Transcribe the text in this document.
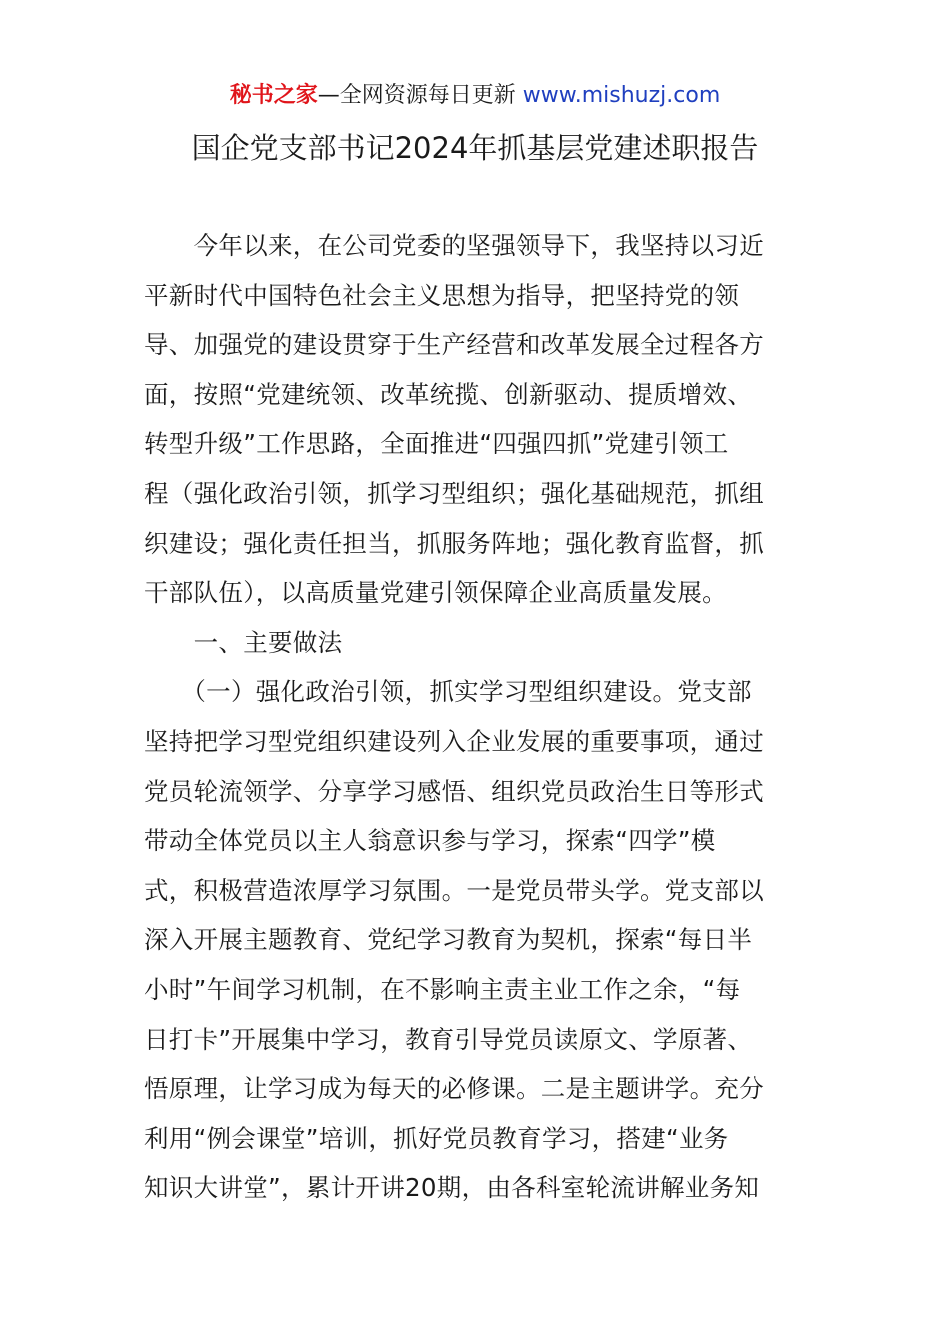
秘书之家—全网资源每日更新 www.mishuzj.com
国企党支部书记2024年抓基层党建述职报告
　　今年以来，在公司党委的坚强领导下，我坚持以习近
平新时代中国特色社会主义思想为指导，把坚持党的领
导、加强党的建设贯穿于生产经营和改革发展全过程各方
面，按照“党建统领、改革统揽、创新驱动、提质增效、
转型升级”工作思路，全面推进“四强四抓”党建引领工
程（强化政治引领，抓学习型组织；强化基础规范，抓组
织建设；强化责任担当，抓服务阵地；强化教育监督，抓
干部队伍），以高质量党建引领保障企业高质量发展。
　　一、主要做法
　　（一）强化政治引领，抓实学习型组织建设。党支部
坚持把学习型党组织建设列入企业发展的重要事项，通过
党员轮流领学、分享学习感悟、组织党员政治生日等形式
带动全体党员以主人翁意识参与学习，探索“四学”模
式，积极营造浓厚学习氛围。一是党员带头学。党支部以
深入开展主题教育、党纪学习教育为契机，探索“每日半
小时”午间学习机制，在不影响主责主业工作之余，“每
日打卡”开展集中学习，教育引导党员读原文、学原著、
悟原理，让学习成为每天的必修课。二是主题讲学。充分
利用“例会课堂”培训，抓好党员教育学习，搭建“业务
知识大讲堂”，累计开讲20期，由各科室轮流讲解业务知
